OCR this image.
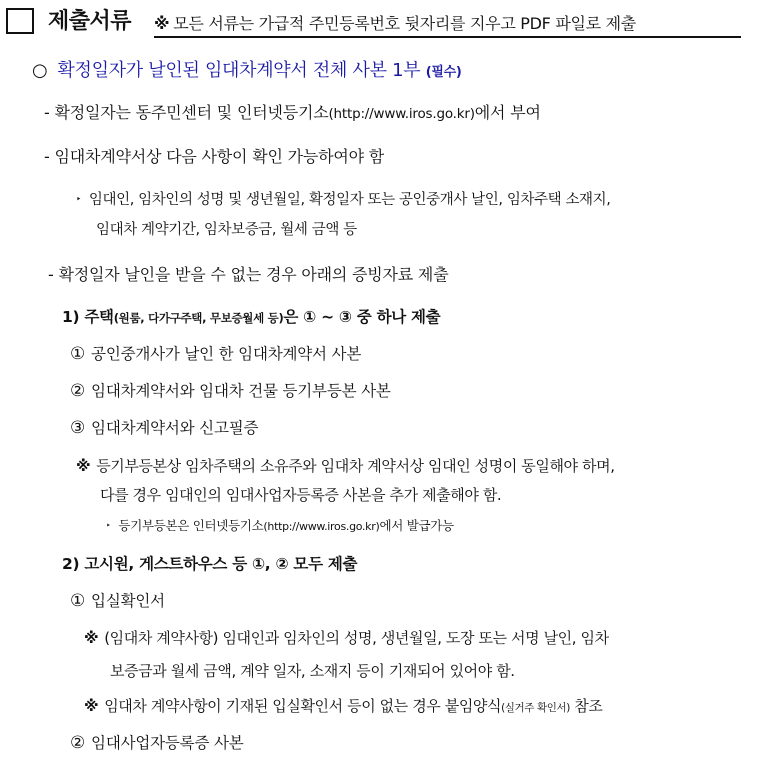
제출서류 ※ 모든 서류는 가급적 주민등록번호 뒷자리를 지우고 PDF 파일로 제출
○ 확정일자가 날인된 임대차계약서 전체 사본 1부 (필수)
- 확정일자는 동주민센터 및 인터넷등기소(http://www.iros.go.kr)에서 부여
- 임대차계약서상 다음 사항이 확인 가능하여야 함
‣ 임대인, 임차인의 성명 및 생년월일, 확정일자 또는 공인중개사 날인, 임차주택 소재지,
임대차 계약기간, 임차보증금, 월세 금액 등
- 확정일자 날인을 받을 수 없는 경우 아래의 증빙자료 제출
1) 주택(원룸, 다가구주택, 무보증월세 등)은 ① ~ ③ 중 하나 제출
① 공인중개사가 날인 한 임대차계약서 사본
② 임대차계약서와 임대차 건물 등기부등본 사본
③ 임대차계약서와 신고필증
※ 등기부등본상 임차주택의 소유주와 임대차 계약서상 임대인 성명이 동일해야 하며,
다를 경우 임대인의 임대사업자등록증 사본을 추가 제출해야 함.
‣ 등기부등본은 인터넷등기소(http://www.iros.go.kr)에서 발급가능
2) 고시원, 게스트하우스 등 ①, ② 모두 제출
① 입실확인서
※ (임대차 계약사항) 임대인과 임차인의 성명, 생년월일, 도장 또는 서명 날인, 임차
보증금과 월세 금액, 계약 일자, 소재지 등이 기재되어 있어야 함.
※ 임대차 계약사항이 기재된 입실확인서 등이 없는 경우 붙임양식(실거주 확인서) 참조
② 임대사업자등록증 사본
